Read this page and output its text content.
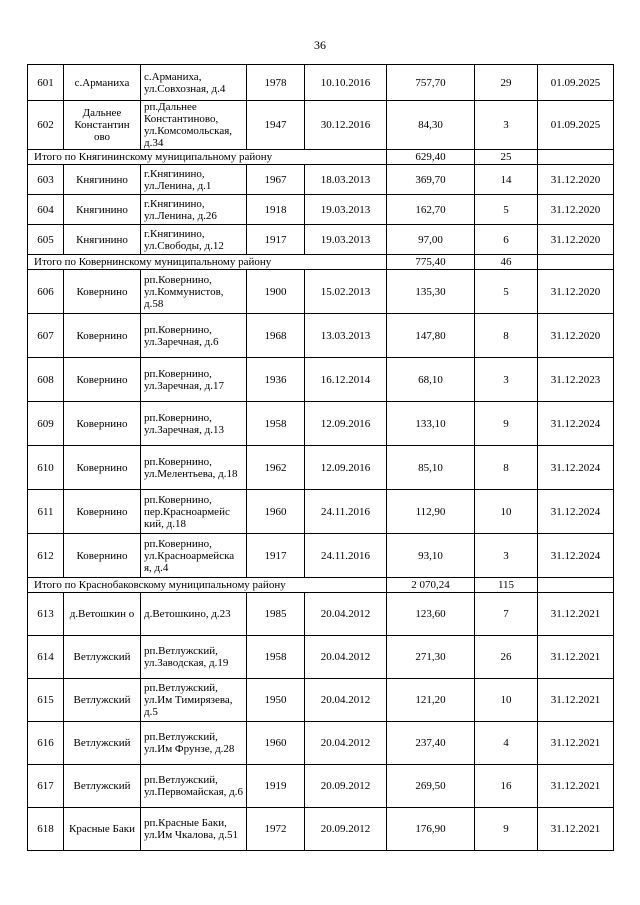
36
601	с.Арманиха	с.Арманиха, ул.Совхозная, д.4	1978	10.10.2016	757,70	29	01.09.2025
602	Дальнее Константин ово	рп.Дальнее Константиново, ул.Комсомольская, д.34	1947	30.12.2016	84,30	3	01.09.2025
Итого по Княгининскому муниципальному району					629,40	25	
603	Княгинино	г.Княгинино, ул.Ленина, д.1	1967	18.03.2013	369,70	14	31.12.2020
604	Княгинино	г.Княгинино, ул.Ленина, д.26	1918	19.03.2013	162,70	5	31.12.2020
605	Княгинино	г.Княгинино, ул.Свободы, д.12	1917	19.03.2013	97,00	6	31.12.2020
Итого по Ковернинскому муниципальному району					775,40	46	
606	Ковернино	рп.Ковернино, ул.Коммунистов, д.58	1900	15.02.2013	135,30	5	31.12.2020
607	Ковернино	рп.Ковернино, ул.Заречная, д.6	1968	13.03.2013	147,80	8	31.12.2020
608	Ковернино	рп.Ковернино, ул.Заречная, д.17	1936	16.12.2014	68,10	3	31.12.2023
609	Ковернино	рп.Ковернино, ул.Заречная, д.13	1958	12.09.2016	133,10	9	31.12.2024
610	Ковернино	рп.Ковернино, ул.Мелентьева, д.18	1962	12.09.2016	85,10	8	31.12.2024
611	Ковернино	рп.Ковернино, пер.Красноармейс кий, д.18	1960	24.11.2016	112,90	10	31.12.2024
612	Ковернино	рп.Ковернино, ул.Красноармейска я, д.4	1917	24.11.2016	93,10	3	31.12.2024
Итого по Краснобаковскому муниципальному району					2 070,24	115	
613	д.Ветошкин о	д.Ветошкино, д.23	1985	20.04.2012	123,60	7	31.12.2021
614	Ветлужский	рп.Ветлужский, ул.Заводская, д.19	1958	20.04.2012	271,30	26	31.12.2021
615	Ветлужский	рп.Ветлужский, ул.Им Тимирязева, д.5	1950	20.04.2012	121,20	10	31.12.2021
616	Ветлужский	рп.Ветлужский, ул.Им Фрунзе, д.28	1960	20.04.2012	237,40	4	31.12.2021
617	Ветлужский	рп.Ветлужский, ул.Первомайская, д.6	1919	20.09.2012	269,50	16	31.12.2021
618	Красные Баки	рп.Красные Баки, ул.Им Чкалова, д.51	1972	20.09.2012	176,90	9	31.12.2021
